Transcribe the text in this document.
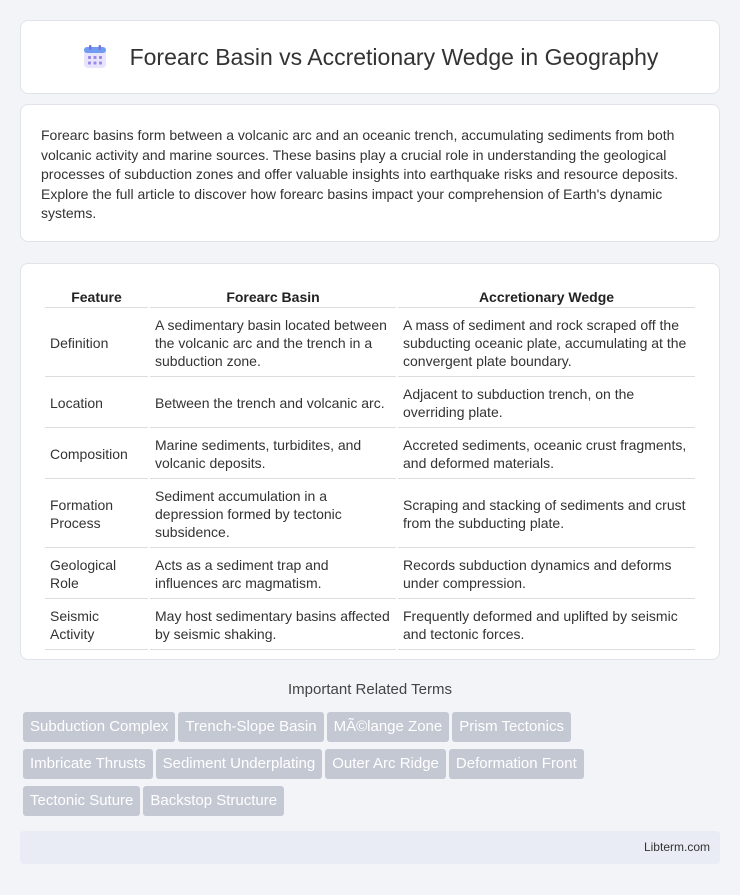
Forearc Basin vs Accretionary Wedge in Geography

Forearc basins form between a volcanic arc and an oceanic trench, accumulating sediments from both volcanic activity and marine sources. These basins play a crucial role in understanding the geological processes of subduction zones and offer valuable insights into earthquake risks and resource deposits. Explore the full article to discover how forearc basins impact your comprehension of Earth's dynamic systems.

Feature	Forearc Basin	Accretionary Wedge
Definition	A sedimentary basin located between the volcanic arc and the trench in a subduction zone.	A mass of sediment and rock scraped off the subducting oceanic plate, accumulating at the convergent plate boundary.
Location	Between the trench and volcanic arc.	Adjacent to subduction trench, on the overriding plate.
Composition	Marine sediments, turbidites, and volcanic deposits.	Accreted sediments, oceanic crust fragments, and deformed materials.
Formation Process	Sediment accumulation in a depression formed by tectonic subsidence.	Scraping and stacking of sediments and crust from the subducting plate.
Geological Role	Acts as a sediment trap and influences arc magmatism.	Records subduction dynamics and deforms under compression.
Seismic Activity	May host sedimentary basins affected by seismic shaking.	Frequently deformed and uplifted by seismic and tectonic forces.
Important Related Terms
Subduction Complex Trench-Slope Basin MÃ©lange Zone Prism Tectonics
Imbricate Thrusts Sediment Underplating Outer Arc Ridge Deformation Front
Tectonic Suture Backstop Structure
Libterm.com
